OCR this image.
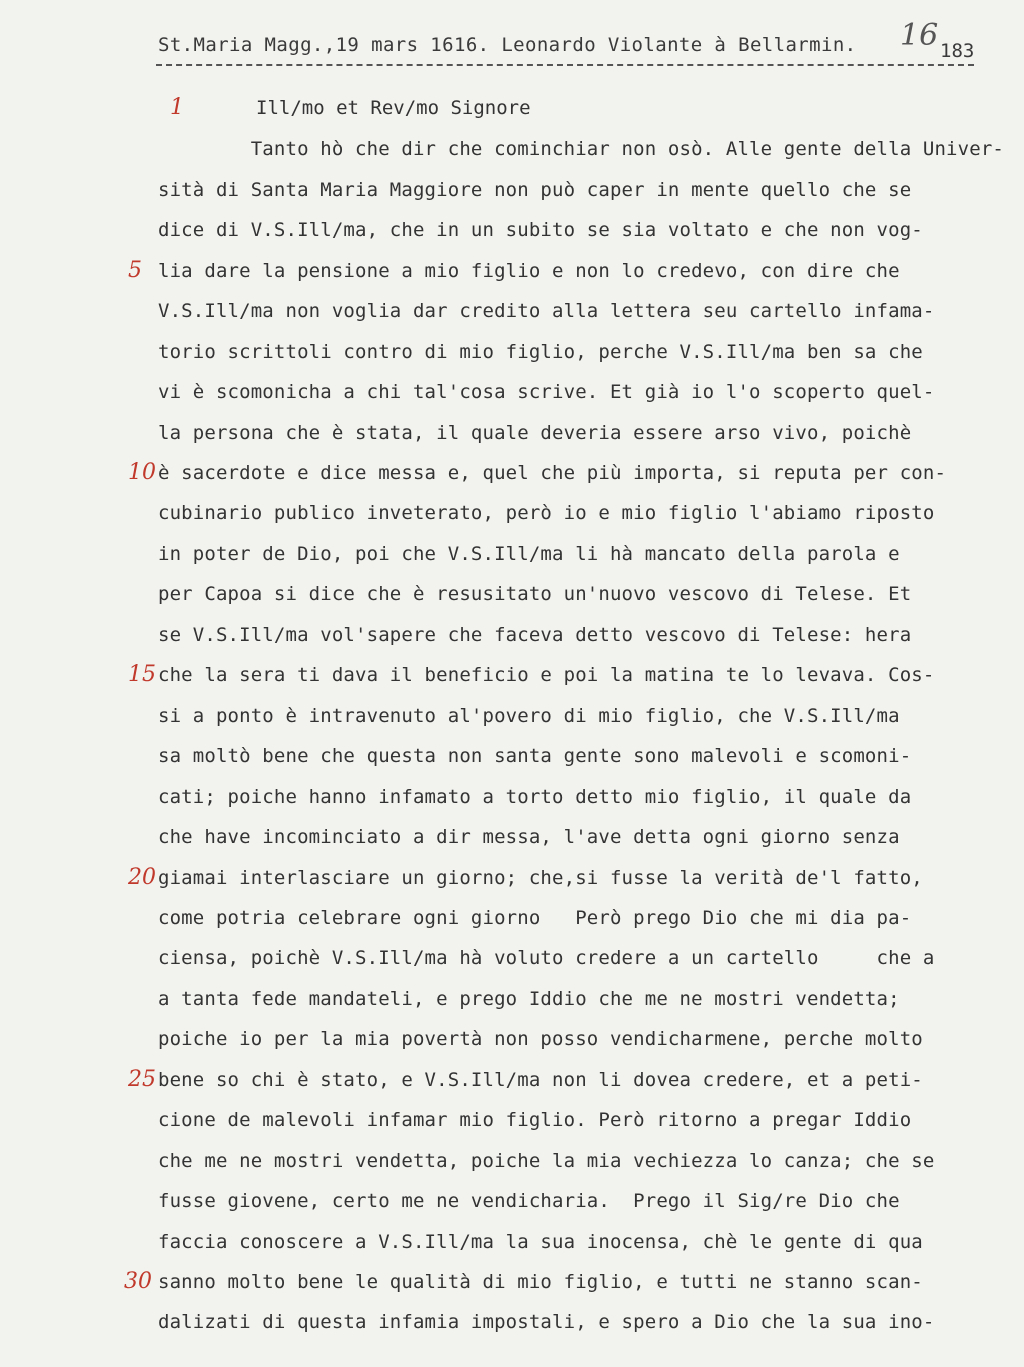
St.Maria Magg.,19 mars 1616. Leonardo Violante à Bellarmin. 16 183
Ill/mo et Rev/mo Signore
Tanto hò che dir che cominchiar non osò. Alle gente della Univer-
sità di Santa Maria Maggiore non può caper in mente quello che se
dice di V.S.Ill/ma, che in un subito se sia voltato e che non vog-
lia dare la pensione a mio figlio e non lo credevo, con dire che
V.S.Ill/ma non voglia dar credito alla lettera seu cartello infama-
torio scrittoli contro di mio figlio, perche V.S.Ill/ma ben sa che
vi è scomonicha a chi tal'cosa scrive. Et già io l'o scoperto quel-
la persona che è stata, il quale deveria essere arso vivo, poichè
è sacerdote e dice messa e, quel che più importa, si reputa per con-
cubinario publico inveterato, però io e mio figlio l'abiamo riposto
in poter de Dio, poi che V.S.Ill/ma li hà mancato della parola e
per Capoa si dice che è resusitato un'nuovo vescovo di Telese. Et
se V.S.Ill/ma vol'sapere che faceva detto vescovo di Telese: hera
che la sera ti dava il beneficio e poi la matina te lo levava. Cos-
si a ponto è intravenuto al'povero di mio figlio, che V.S.Ill/ma
sa moltò bene che questa non santa gente sono malevoli e scomoni-
cati; poiche hanno infamato a torto detto mio figlio, il quale da
che have incominciato a dir messa, l'ave detta ogni giorno senza
giamai interlasciare un giorno; che,si fusse la verità de'l fatto,
come potria celebrare ogni giorno   Però prego Dio che mi dia pa-
ciensa, poichè V.S.Ill/ma hà voluto credere a un cartello     che a
a tanta fede mandateli, e prego Iddio che me ne mostri vendetta;
poiche io per la mia povertà non posso vendicharmene, perche molto
bene so chi è stato, e V.S.Ill/ma non li dovea credere, et a peti-
cione de malevoli infamar mio figlio. Però ritorno a pregar Iddio
che me ne mostri vendetta, poiche la mia vechiezza lo canza; che se
fusse giovene, certo me ne vendicharia.  Prego il Sig/re Dio che
faccia conoscere a V.S.Ill/ma la sua inocensa, chè le gente di qua
sanno molto bene le qualità di mio figlio, e tutti ne stanno scan-
dalizati di questa infamia impostali, e spero a Dio che la sua ino-
1
5
10
15
20
25
30
